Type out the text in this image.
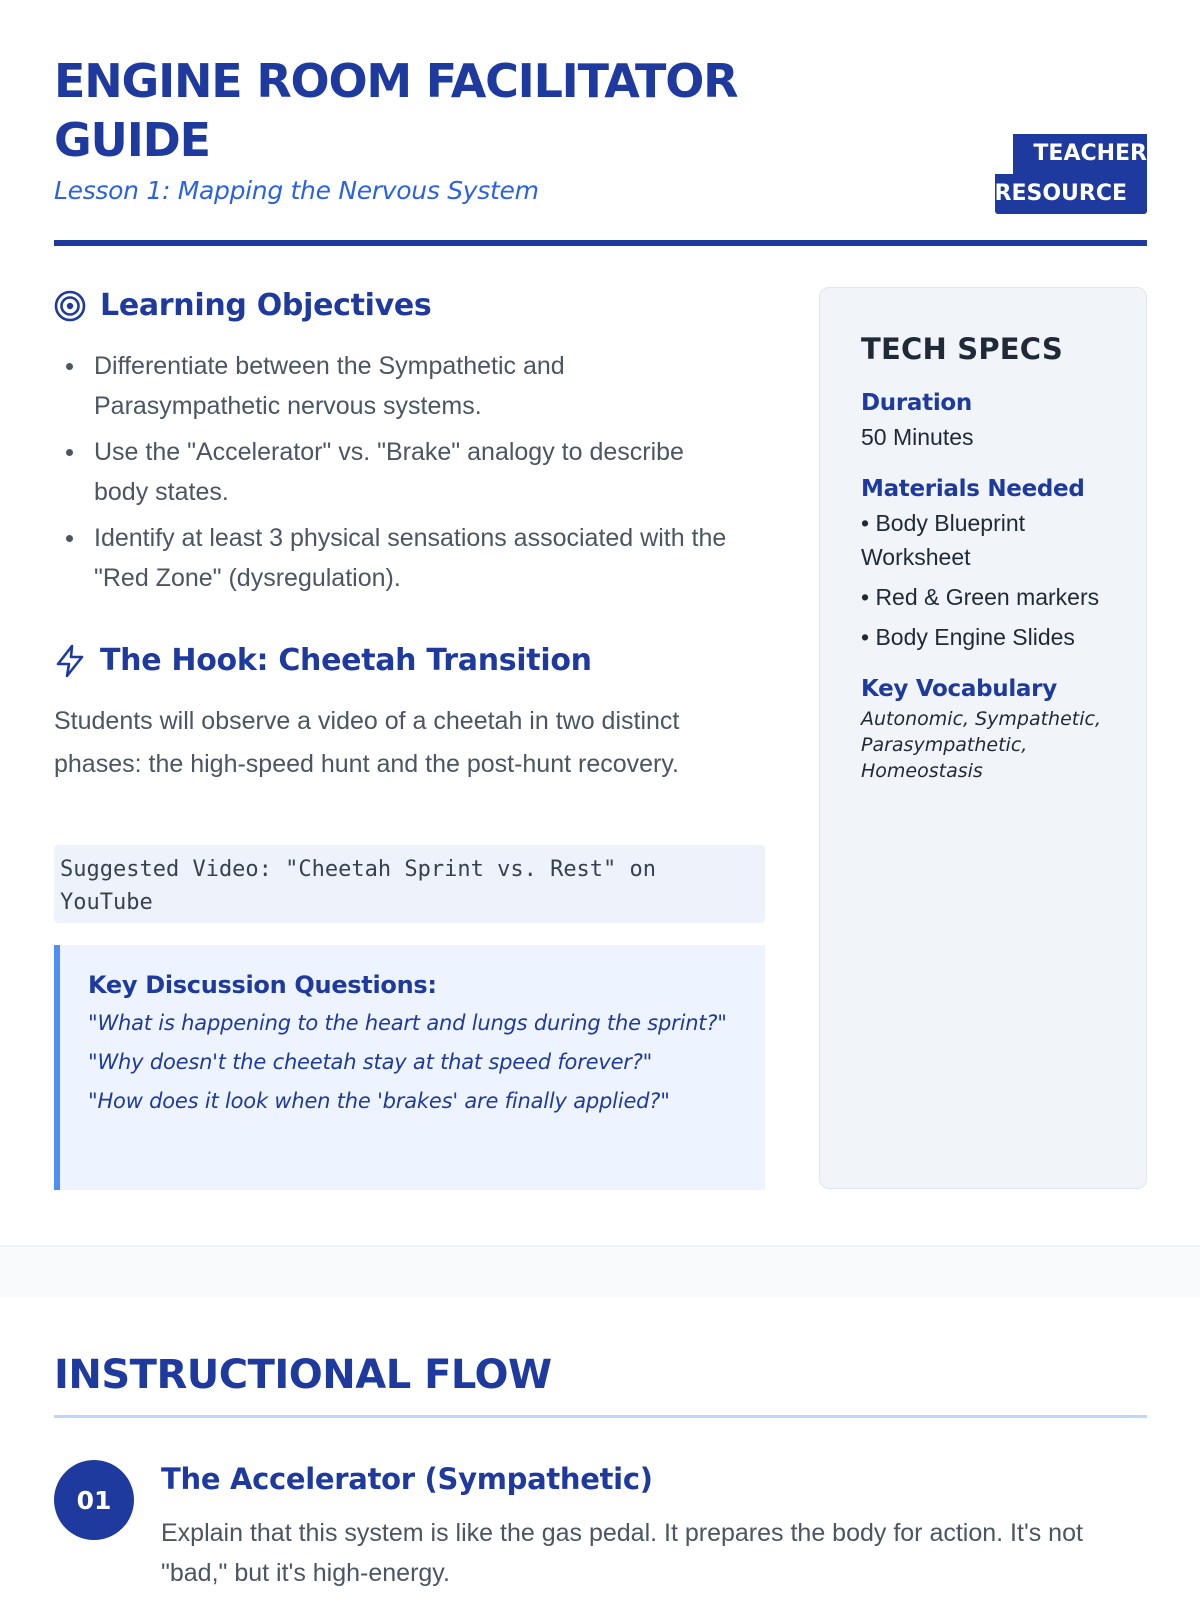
ENGINE ROOM FACILITATOR GUIDE
Lesson 1: Mapping the Nervous System
TEACHER
RESOURCE
Learning Objectives
Differentiate between the Sympathetic and Parasympathetic nervous systems.
Use the "Accelerator" vs. "Brake" analogy to describe body states.
Identify at least 3 physical sensations associated with the "Red Zone" (dysregulation).
The Hook: Cheetah Transition

Students will observe a video of a cheetah in two distinct phases: the high-speed hunt and the post-hunt recovery.

Suggested Video: "Cheetah Sprint vs. Rest" on YouTube
Key Discussion Questions:
"What is happening to the heart and lungs during the sprint?"
"Why doesn't the cheetah stay at that speed forever?"
"How does it look when the 'brakes' are finally applied?"
TECH SPECS
Duration
50 Minutes
Materials Needed
• Body Blueprint Worksheet
• Red & Green markers
• Body Engine Slides
Key Vocabulary
Autonomic, Sympathetic, Parasympathetic, Homeostasis
INSTRUCTIONAL FLOW
01
The Accelerator (Sympathetic)

Explain that this system is like the gas pedal. It prepares the body for action. It's not "bad," but it's high-energy.
